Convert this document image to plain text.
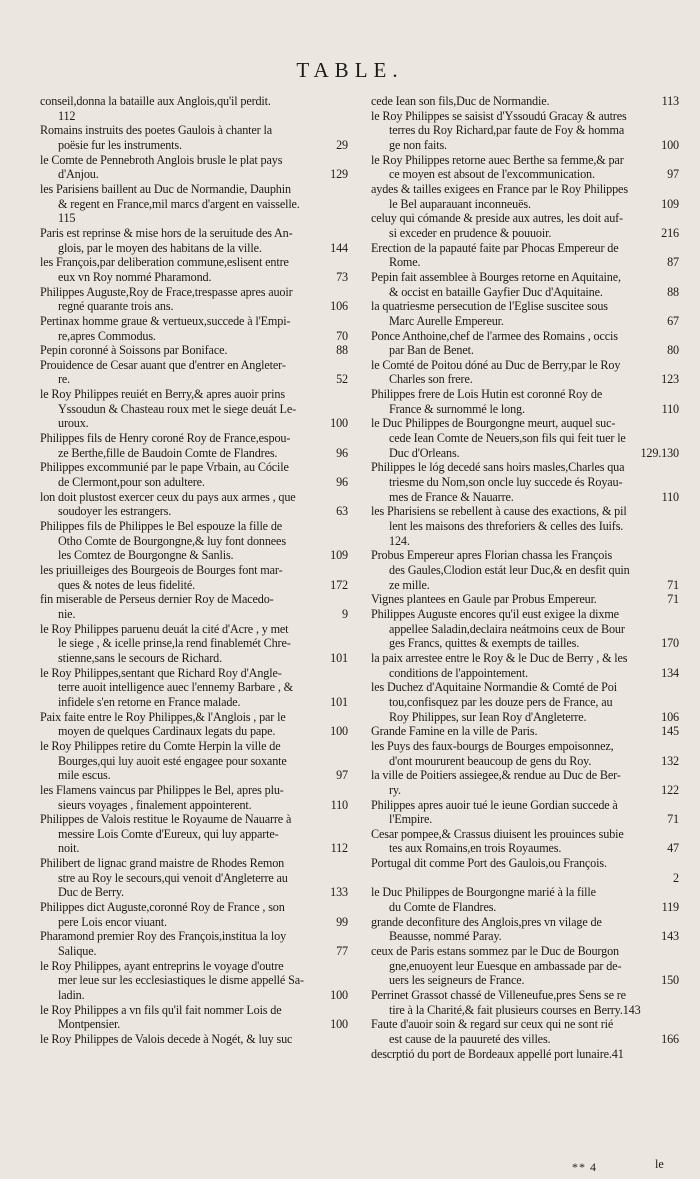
TABLE.
conseil,donna la bataille aux Anglois,qu'il perdit.
112
Romains instruits des poetes Gaulois à chanter la
29
poësie fur les instruments.
le Comte de Pennebroth Anglois brusle le plat pays
129
d'Anjou.
les Parisiens baillent au Duc de Normandie, Dauphin
& regent en France,mil marcs d'argent en vaisselle.
115
Paris est reprinse & mise hors de la seruitude des An-
144
glois, par le moyen des habitans de la ville.
les François,par deliberation commune,eslisent entre
73
eux vn Roy nommé Pharamond.
Philippes Auguste,Roy de Frace,trespasse apres auoir
106
regné quarante trois ans.
Pertinax homme graue & vertueux,succede à l'Empi-
70
re,apres Commodus.
88
Pepin coronné à Soissons par Boniface.
Prouidence de Cesar auant que d'entrer en Angleter-
52
re.
le Roy Philippes reuiét en Berry,& apres auoir prins
Yssoudun & Chasteau roux met le siege deuát Le-
100
uroux.
Philippes fils de Henry coroné Roy de France,espou-
96
ze Berthe,fille de Baudoin Comte de Flandres.
Philippes excommunié par le pape Vrbain, au Cócile
96
de Clermont,pour son adultere.
lon doit plustost exercer ceux du pays aux armes , que
63
soudoyer les estrangers.
Philippes fils de Philippes le Bel espouze la fille de
Otho Comte de Bourgongne,& luy font donnees
109
les Comtez de Bourgongne & Sanlis.
les priuilleiges des Bourgeois de Bourges font mar-
172
ques & notes de leus fidelité.
fin miserable de Perseus dernier Roy de Macedo-
9
nie.
le Roy Philippes paruenu deuát la cité d'Acre , y met
le siege , & icelle prinse,la rend finablemét Chre-
101
stienne,sans le secours de Richard.
le Roy Philippes,sentant que Richard Roy d'Angle-
terre auoit intelligence auec l'ennemy Barbare , &
101
infidele s'en retorne en France malade.
Paix faite entre le Roy Philippes,& l'Anglois , par le
100
moyen de quelques Cardinaux legats du pape.
le Roy Philippes retire du Comte Herpin la ville de
Bourges,qui luy auoit esté engagee pour soxante
97
mile escus.
les Flamens vaincus par Philippes le Bel, apres plu-
110
sieurs voyages , finalement appointerent.
Philippes de Valois restitue le Royaume de Nauarre à
messire Lois Comte d'Eureux, qui luy apparte-
112
noit.
Philibert de lignac grand maistre de Rhodes Remon
stre au Roy le secours,qui venoit d'Angleterre au
133
Duc de Berry.
Philippes dict Auguste,coronné Roy de France , son
99
pere Lois encor viuant.
Pharamond premier Roy des François,institua la loy
77
Salique.
le Roy Philippes, ayant entreprins le voyage d'outre
mer leue sur les ecclesiastiques le disme appellé Sa-
100
ladin.
le Roy Philippes a vn fils qu'il fait nommer Lois de
100
Montpensier.
le Roy Philippes de Valois decede à Nogét, & luy suc
113
cede Iean son fils,Duc de Normandie.
le Roy Philippes se saisist d'Yssoudú Gracay & autres
terres du Roy Richard,par faute de Foy & homma
100
ge non faits.
le Roy Philippes retorne auec Berthe sa femme,& par
97
ce moyen est absout de l'excommunication.
aydes & tailles exigees en France par le Roy Philippes
109
le Bel auparauant inconneuës.
celuy qui cómande & preside aux autres, les doit auf-
216
si exceder en prudence & pouuoir.
Erection de la papauté faite par Phocas Empereur de
87
Rome.
Pepin fait assemblee à Bourges retorne en Aquitaine,
88
& occist en bataille Gayfier Duc d'Aquitaine.
la quatriesme persecution de l'Eglise suscitee sous
67
Marc Aurelle Empereur.
Ponce Anthoine,chef de l'armee des Romains , occis
80
par Ban de Benet.
le Comté de Poitou dóné au Duc de Berry,par le Roy
123
Charles son frere.
Philippes frere de Lois Hutin est coronné Roy de
110
France & surnommé le long.
le Duc Philippes de Bourgongne meurt, auquel suc-
cede Iean Comte de Neuers,son fils qui feit tuer le
129.130
Duc d'Orleans.
Philippes le lóg decedé sans hoirs masles,Charles qua
triesme du Nom,son oncle luy succede és Royau-
110
mes de France & Nauarre.
les Pharisiens se rebellent à cause des exactions, & pil
lent les maisons des threforiers & celles des Iuifs.
124.
Probus Empereur apres Florian chassa les François
des Gaules,Clodion estát leur Duc,& en desfit quin
71
ze mille.
71
Vignes plantees en Gaule par Probus Empereur.
Philippes Auguste encores qu'il eust exigee la dixme
appellee Saladin,declaira neátmoins ceux de Bour
170
ges Francs, quittes & exempts de tailles.
la paix arrestee entre le Roy & le Duc de Berry , & les
134
conditions de l'appointement.
les Duchez d'Aquitaine Normandie & Comté de Poi
tou,confisquez par les douze pers de France, au
106
Roy Philippes, sur Iean Roy d'Angleterre.
145
Grande Famine en la ville de Paris.
les Puys des faux-bourgs de Bourges empoisonnez,
132
d'ont moururent beaucoup de gens du Roy.
la ville de Poitiers assiegee,& rendue au Duc de Ber-
122
ry.
Philippes apres auoir tué le ieune Gordian succede à
71
l'Empire.
Cesar pompee,& Crassus diuisent les prouinces subie
47
tes aux Romains,en trois Royaumes.
Portugal dit comme Port des Gaulois,ou François.
2
le Duc Philippes de Bourgongne marié à la fille
119
du Comte de Flandres.
grande deconfiture des Anglois,pres vn vilage de
143
Beausse, nommé Paray.
ceux de Paris estans sommez par le Duc de Bourgon
gne,enuoyent leur Euesque en ambassade par de-
150
uers les seigneurs de France.
Perrinet Grassot chassé de Villeneufue,pres Sens se re
tire à la Charité,& fait plusieurs courses en Berry.143
Faute d'auoir soin & regard sur ceux qui ne sont rié
166
est cause de la pauureté des villes.
descrptió du port de Bordeaux appellé port lunaire.41
** 4	le
